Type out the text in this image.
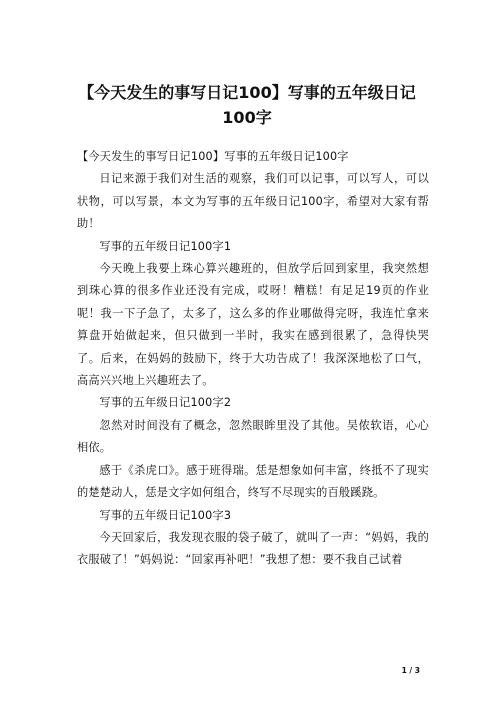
【今天发生的事写日记100】写事的五年级日记100字

【今天发生的事写日记100】写事的五年级日记100字

日记来源于我们对生活的观察，我们可以记事，可以写人，可以状物，可以写景，本文为写事的五年级日记100字，希望对大家有帮助！

写事的五年级日记100字1

今天晚上我要上珠心算兴趣班的，但放学后回到家里，我突然想到珠心算的很多作业还没有完成，哎呀！糟糕！有足足19页的作业呢！我一下子急了，太多了，这么多的作业哪做得完呀，我连忙拿来算盘开始做起来，但只做到一半时，我实在感到很累了，急得快哭了。后来，在妈妈的鼓励下，终于大功告成了！我深深地松了口气，高高兴兴地上兴趣班去了。

写事的五年级日记100字2

忽然对时间没有了概念，忽然眼眸里没了其他。吴侬软语，心心相依。

感于《杀虎口》。感于班得瑞。恁是想象如何丰富，终抵不了现实的楚楚动人，恁是文字如何组合，终写不尽现实的百般蹊跷。

写事的五年级日记100字3

今天回家后，我发现衣服的袋子破了，就叫了一声：“妈妈，我的衣服破了！”妈妈说：“回家再补吧！”我想了想：要不我自己试着

1 / 3
